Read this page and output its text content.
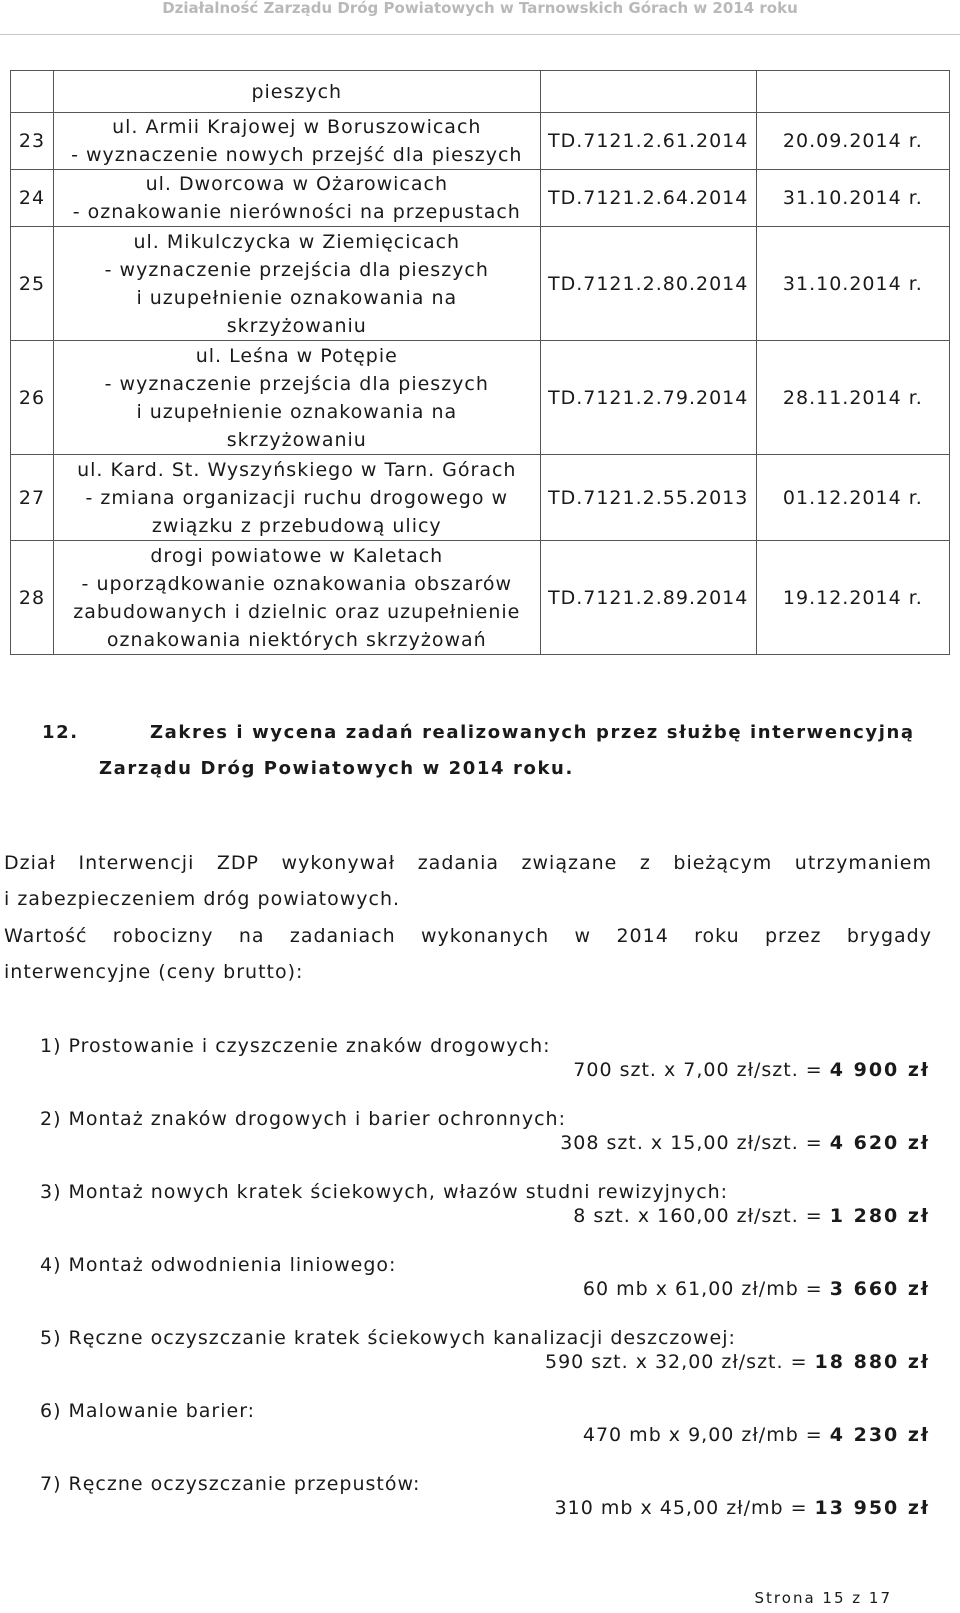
Działalność Zarządu Dróg Powiatowych w Tarnowskich Górach w 2014 roku
	pieszych		
23	ul. Armii Krajowej w Boruszowicach
- wyznaczenie nowych przejść dla pieszych	TD.7121.2.61.2014	20.09.2014 r.
24	ul. Dworcowa w Ożarowicach
- oznakowanie nierówności na przepustach	TD.7121.2.64.2014	31.10.2014 r.
25	ul. Mikulczycka w Ziemięcicach
- wyznaczenie przejścia dla pieszych
i uzupełnienie oznakowania na
skrzyżowaniu	TD.7121.2.80.2014	31.10.2014 r.
26	ul. Leśna w Potępie
- wyznaczenie przejścia dla pieszych
i uzupełnienie oznakowania na
skrzyżowaniu	TD.7121.2.79.2014	28.11.2014 r.
27	ul. Kard. St. Wyszyńskiego w Tarn. Górach
- zmiana organizacji ruchu drogowego w
związku z przebudową ulicy	TD.7121.2.55.2013	01.12.2014 r.
28	drogi powiatowe w Kaletach
- uporządkowanie oznakowania obszarów
zabudowanych i dzielnic oraz uzupełnienie
oznakowania niektórych skrzyżowań	TD.7121.2.89.2014	19.12.2014 r.
12.	Zakres i wycena zadań realizowanych przez służbę interwencyjną
Zarządu Dróg Powiatowych w 2014 roku.
Dział Interwencji ZDP wykonywał zadania związane z bieżącym utrzymaniem
i zabezpieczeniem dróg powiatowych.
Wartość robocizny na zadaniach wykonanych w 2014 roku przez brygady
interwencyjne (ceny brutto):
1) Prostowanie i czyszczenie znaków drogowych:
700 szt. x 7,00 zł/szt. = 4 900 zł
2) Montaż znaków drogowych i barier ochronnych:
308 szt. x 15,00 zł/szt. = 4 620 zł
3) Montaż nowych kratek ściekowych, włazów studni rewizyjnych:
8 szt. x 160,00 zł/szt. = 1 280 zł
4) Montaż odwodnienia liniowego:
60 mb x 61,00 zł/mb = 3 660 zł
5) Ręczne oczyszczanie kratek ściekowych kanalizacji deszczowej:
590 szt. x 32,00 zł/szt. = 18 880 zł
6) Malowanie barier:
470 mb x 9,00 zł/mb = 4 230 zł
7) Ręczne oczyszczanie przepustów:
310 mb x 45,00 zł/mb = 13 950 zł
Strona 15 z 17
